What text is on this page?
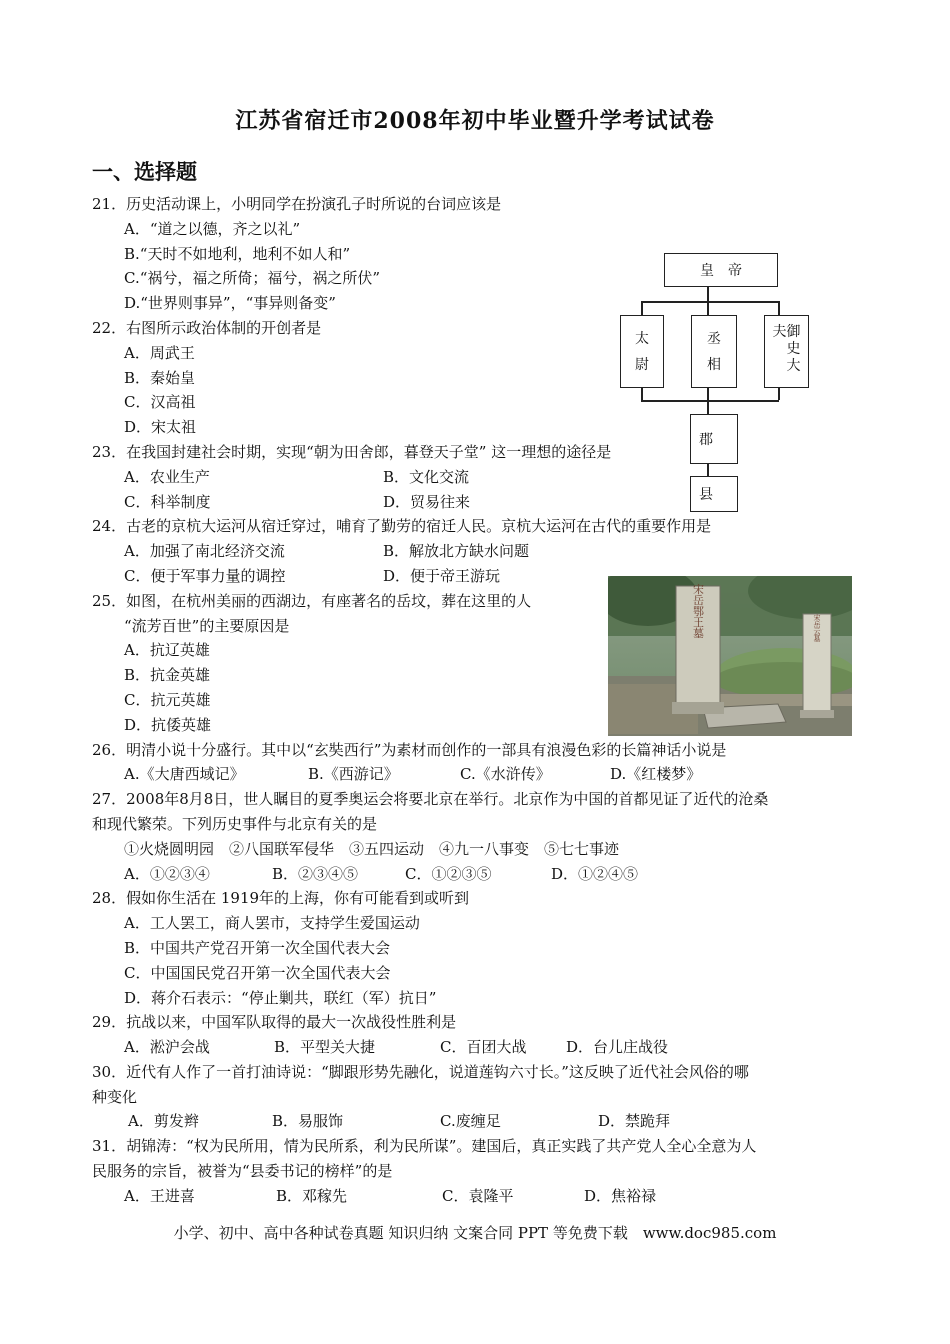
江苏省宿迁市2008年初中毕业暨升学考试试卷
一、选择题
21．历史活动课上，小明同学在扮演孔子时所说的台词应该是
A．“道之以德，齐之以礼”
B.“天时不如地利，地利不如人和”
C.“祸兮，福之所倚；福兮，祸之所伏”
D.“世界则事异”，“事异则备变”
22．右图所示政治体制的开创者是
A．周武王
B．秦始皇
C．汉高祖
D．宋太祖
23．在我国封建社会时期，实现“朝为田舍郎，暮登天子堂” 这一理想的途径是
A．农业生产	B．文化交流
C．科举制度	D．贸易往来
24．古老的京杭大运河从宿迁穿过，哺育了勤劳的宿迁人民。京杭大运河在古代的重要作用是
A．加强了南北经济交流	B．解放北方缺水问题
C．便于军事力量的调控	D．便于帝王游玩
25．如图，在杭州美丽的西湖边，有座著名的岳坟，葬在这里的人
“流芳百世”的主要原因是
A．抗辽英雄
B．抗金英雄
C．抗元英雄
D．抗倭英雄
26．明清小说十分盛行。其中以“玄奘西行”为素材而创作的一部具有浪漫色彩的长篇神话小说是
A.《大唐西域记》	B.《西游记》	C.《水浒传》	D.《红楼梦》
27．2008年8月8日，世人瞩目的夏季奥运会将要北京在举行。北京作为中国的首都见证了近代的沧桑
和现代繁荣。下列历史事件与北京有关的是
①火烧圆明园　②八国联军侵华　③五四运动　④九一八事变　⑤七七事迹
A．①②③④	B．②③④⑤	C．①②③⑤	D．①②④⑤
28．假如你生活在 1919年的上海，你有可能看到或听到
A．工人罢工，商人罢市，支持学生爱国运动
B．中国共产党召开第一次全国代表大会
C．中国国民党召开第一次全国代表大会
D．蒋介石表示：“停止剿共，联红（军）抗日”
29．抗战以来，中国军队取得的最大一次战役性胜利是
A．淞沪会战	B．平型关大捷	C．百团大战	D．台儿庄战役
30．近代有人作了一首打油诗说：“脚跟形势先融化，说道莲钩六寸长。”这反映了近代社会风俗的哪
种变化
A．剪发辫	B．易服饰	C.废缠足	D．禁跪拜
31．胡锦涛：“权为民所用，情为民所系，利为民所谋”。建国后，真正实践了共产党人全心全意为人
民服务的宗旨，被誉为“县委书记的榜样”的是
A．王进喜	B．邓稼先	C．袁隆平	D．焦裕禄
皇　帝
太
尉
丞
相
御
史
大
夫
郡
县
宋岳鄂王墓	宋岳云墓
小学、初中、高中各种试卷真题 知识归纳 文案合同 PPT 等免费下载　www.doc985.com
